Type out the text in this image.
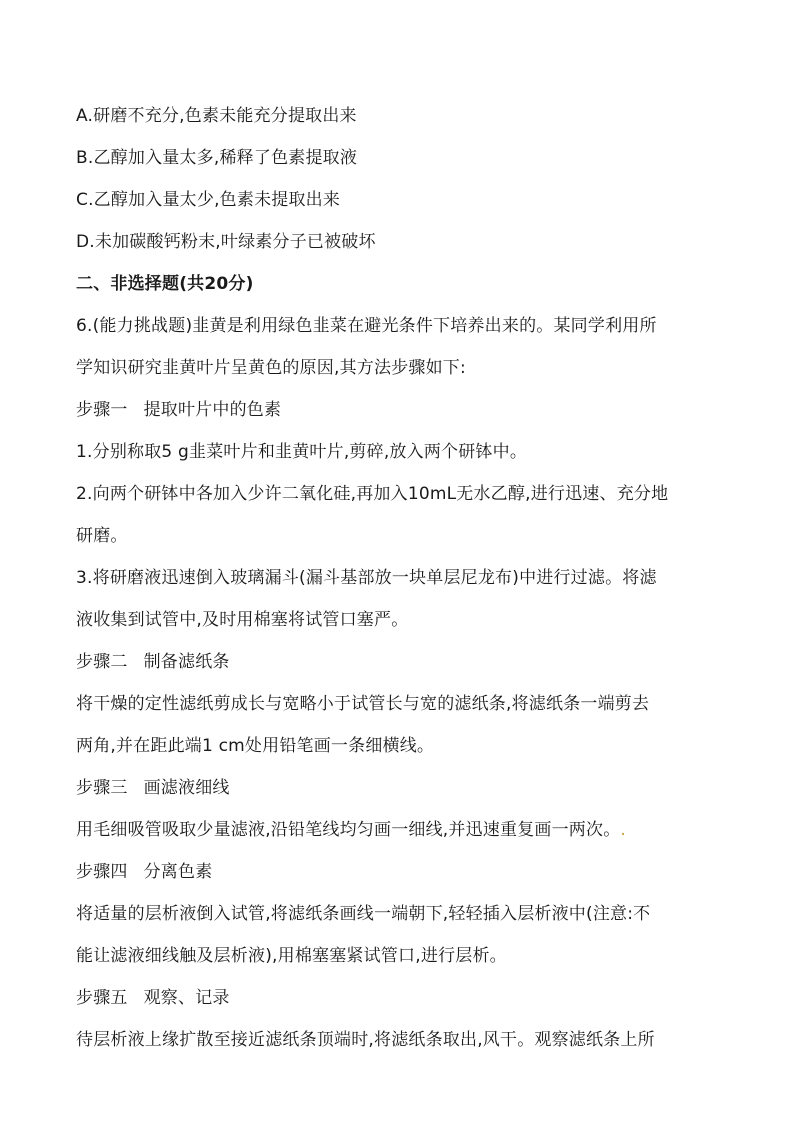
A.研磨不充分,色素未能充分提取出来
B.乙醇加入量太多,稀释了色素提取液
C.乙醇加入量太少,色素未提取出来
D.未加碳酸钙粉末,叶绿素分子已被破坏
二、非选择题(共20分)
6.(能力挑战题)韭黄是利用绿色韭菜在避光条件下培养出来的。某同学利用所
学知识研究韭黄叶片呈黄色的原因,其方法步骤如下:
步骤一 提取叶片中的色素
1.分别称取5 g韭菜叶片和韭黄叶片,剪碎,放入两个研钵中。
2.向两个研钵中各加入少许二氧化硅,再加入10mL无水乙醇,进行迅速、充分地
研磨。
3.将研磨液迅速倒入玻璃漏斗(漏斗基部放一块单层尼龙布)中进行过滤。将滤
液收集到试管中,及时用棉塞将试管口塞严。
步骤二 制备滤纸条
将干燥的定性滤纸剪成长与宽略小于试管长与宽的滤纸条,将滤纸条一端剪去
两角,并在距此端1 cm处用铅笔画一条细横线。
步骤三 画滤液细线
用毛细吸管吸取少量滤液,沿铅笔线均匀画一细线,并迅速重复画一两次。.
步骤四 分离色素
将适量的层析液倒入试管,将滤纸条画线一端朝下,轻轻插入层析液中(注意:不
能让滤液细线触及层析液),用棉塞塞紧试管口,进行层析。
步骤五 观察、记录
待层析液上缘扩散至接近滤纸条顶端时,将滤纸条取出,风干。观察滤纸条上所
